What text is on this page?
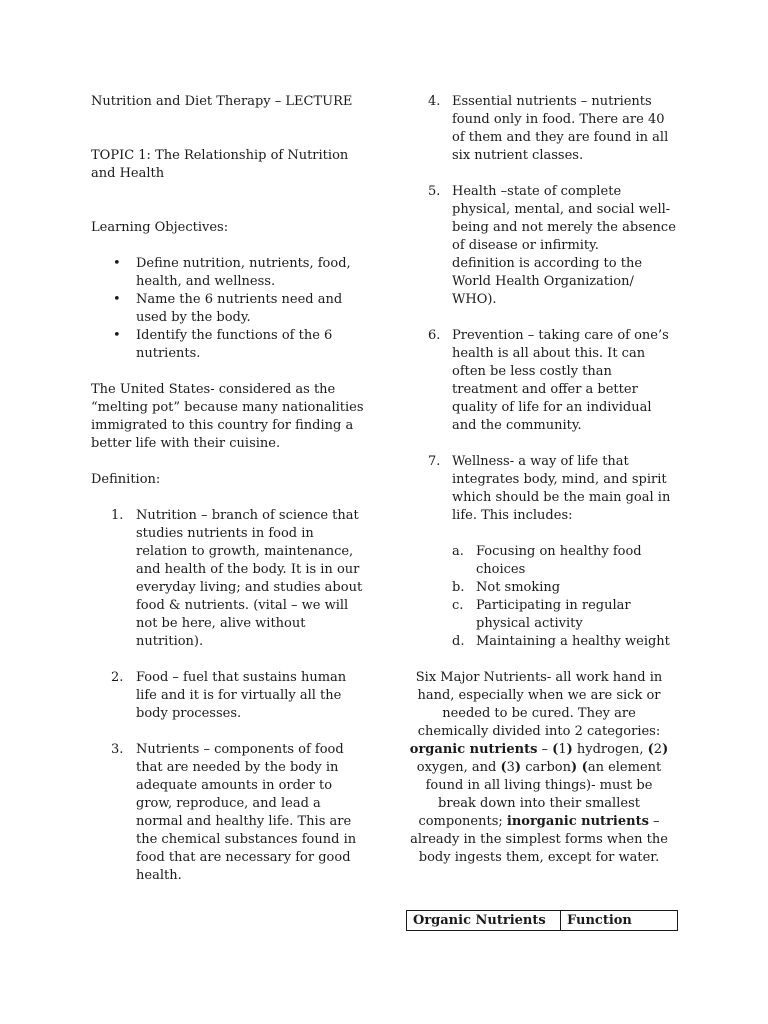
Nutrition and Diet Therapy – LECTURE

TOPIC 1: The Relationship of Nutrition and Health

Learning Objectives:

• Define nutrition, nutrients, food, health, and wellness.
• Name the 6 nutrients need and used by the body.
• Identify the functions of the 6 nutrients.

The United States- considered as the “melting pot” because many nationalities immigrated to this country for finding a better life with their cuisine.

Definition:

1. Nutrition – branch of science that studies nutrients in food in relation to growth, maintenance, and health of the body. It is in our everyday living; and studies about food & nutrients. (vital – we will not be here, alive without nutrition).
2. Food – fuel that sustains human life and it is for virtually all the body processes.
3. Nutrients – components of food that are needed by the body in adequate amounts in order to grow, reproduce, and lead a normal and healthy life. This are the chemical substances found in food that are necessary for good health.
4. Essential nutrients – nutrients found only in food. There are 40 of them and they are found in all six nutrient classes.
5. Health –state of complete physical, mental, and social well- being and not merely the absence of disease or infirmity.
definition is according to the World Health Organization/ WHO).
6. Prevention – taking care of one’s health is all about this. It can often be less costly than treatment and offer a better quality of life for an individual and the community.
7. Wellness- a way of life that integrates body, mind, and spirit which should be the main goal in life. This includes:
a. Focusing on healthy food choices
b. Not smoking
c. Participating in regular physical activity
d. Maintaining a healthy weight

Six Major Nutrients- all work hand in hand, especially when we are sick or needed to be cured. They are chemically divided into 2 categories: organic nutrients – (1) hydrogen, (2) oxygen, and (3) carbon) (an element found in all living things)- must be break down into their smallest components; inorganic nutrients – already in the simplest forms when the body ingests them, except for water.

Organic Nutrients	Function
